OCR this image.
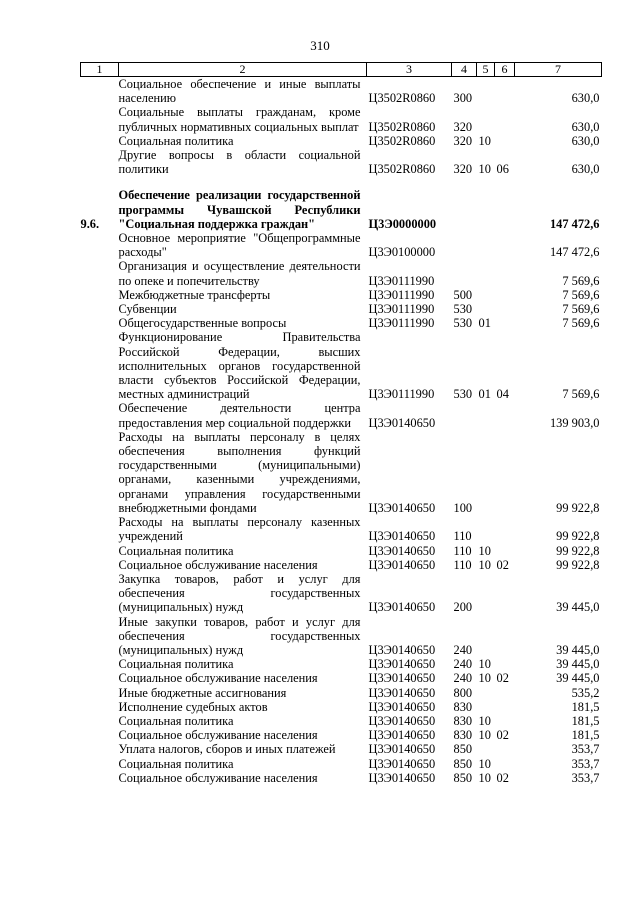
310
1	2	3	4	5	6	7

	Социальное обеспечение и иные выплаты населению	Ц3502R0860	300			630,0

	Социальные выплаты гражданам, кроме публичных нормативных социальных выплат	Ц3502R0860	320			630,0

	Социальная политика	Ц3502R0860	320	10		630,0

	Другие вопросы в области социальной политики	Ц3502R0860	320	10	06	630,0

9.6.	Обеспечение реализации государственной программы Чувашской Республики "Социальная поддержка граждан"	Ц3Э0000000				147 472,6

	Основное мероприятие "Общепрограммные расходы"	Ц3Э0100000				147 472,6

	Организация и осуществление деятельности по опеке и попечительству	Ц3Э0111990				7 569,6

	Межбюджетные трансферты	Ц3Э0111990	500			7 569,6

	Субвенции	Ц3Э0111990	530			7 569,6

	Общегосударственные вопросы	Ц3Э0111990	530	01		7 569,6

	Функционирование Правительства Российской Федерации, высших исполнительных органов государственной власти субъектов Российской Федерации, местных администраций	Ц3Э0111990	530	01	04	7 569,6

	Обеспечение деятельности центра предоставления мер социальной поддержки	Ц3Э0140650				139 903,0

	Расходы на выплаты персоналу в целях обеспечения выполнения функций государственными (муниципальными) органами, казенными учреждениями, органами управления государственными внебюджетными фондами	Ц3Э0140650	100			99 922,8

	Расходы на выплаты персоналу казенных учреждений	Ц3Э0140650	110			99 922,8

	Социальная политика	Ц3Э0140650	110	10		99 922,8

	Социальное обслуживание населения	Ц3Э0140650	110	10	02	99 922,8

	Закупка товаров, работ и услуг для обеспечения государственных (муниципальных) нужд	Ц3Э0140650	200			39 445,0

	Иные закупки товаров, работ и услуг для обеспечения государственных (муниципальных) нужд	Ц3Э0140650	240			39 445,0

	Социальная политика	Ц3Э0140650	240	10		39 445,0

	Социальное обслуживание населения	Ц3Э0140650	240	10	02	39 445,0

	Иные бюджетные ассигнования	Ц3Э0140650	800			535,2

	Исполнение судебных актов	Ц3Э0140650	830			181,5

	Социальная политика	Ц3Э0140650	830	10		181,5

	Социальное обслуживание населения	Ц3Э0140650	830	10	02	181,5

	Уплата налогов, сборов и иных платежей	Ц3Э0140650	850			353,7

	Социальная политика	Ц3Э0140650	850	10		353,7

	Социальное обслуживание населения	Ц3Э0140650	850	10	02	353,7
